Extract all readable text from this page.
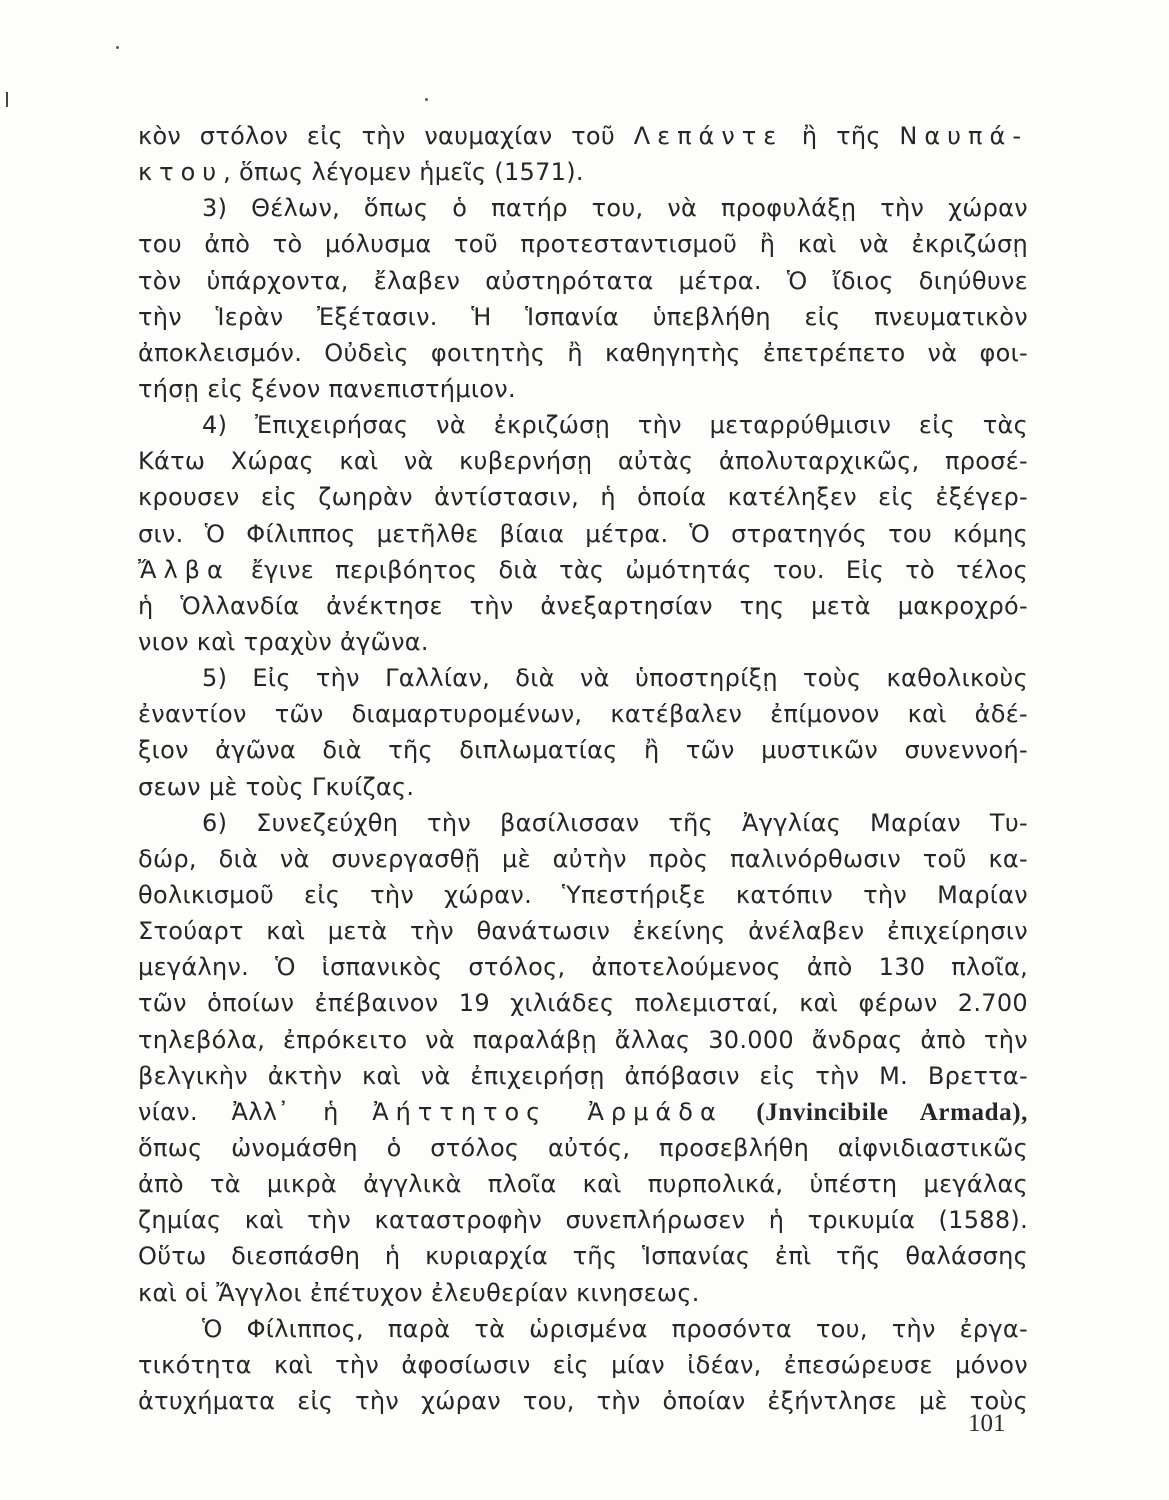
κὸν στόλον εἰς τὴν ναυμαχίαν τοῦ Λεπάντε ἢ τῆς Ναυπά-
κτου, ὅπως λέγομεν ἡμεῖς (1571).
3) Θέλων, ὅπως ὁ πατήρ του, νὰ προφυλάξῃ τὴν χώραν
του ἀπὸ τὸ μόλυσμα τοῦ προτεσταντισμοῦ ἢ καὶ νὰ ἐκριζώσῃ
τὸν ὑπάρχοντα, ἔλαβεν αὐστηρότατα μέτρα. Ὁ ἴδιος διηύθυνε
τὴν Ἱερὰν Ἐξέτασιν. Ἡ Ἱσπανία ὑπεβλήθη εἰς πνευματικὸν
ἀποκλεισμόν. Οὐδεὶς φοιτητὴς ἢ καθηγητὴς ἐπετρέπετο νὰ φοι-
τήσῃ εἰς ξένον πανεπιστήμιον.
4) Ἐπιχειρήσας νὰ ἐκριζώσῃ τὴν μεταρρύθμισιν εἰς τὰς
Κάτω Χώρας καὶ νὰ κυβερνήσῃ αὐτὰς ἀπολυταρχικῶς, προσέ-
κρουσεν εἰς ζωηρὰν ἀντίστασιν, ἡ ὁποία κατέληξεν εἰς ἐξέγερ-
σιν. Ὁ Φίλιππος μετῆλθε βίαια μέτρα. Ὁ στρατηγός του κόμης
Ἄλβα ἔγινε περιβόητος διὰ τὰς ὠμότητάς του. Εἰς τὸ τέλος
ἡ Ὁλλανδία ἀνέκτησε τὴν ἀνεξαρτησίαν της μετὰ μακροχρό-
νιον καὶ τραχὺν ἀγῶνα.
5) Εἰς τὴν Γαλλίαν, διὰ νὰ ὑποστηρίξῃ τοὺς καθολικοὺς
ἐναντίον τῶν διαμαρτυρομένων, κατέβαλεν ἐπίμονον καὶ ἀδέ-
ξιον ἀγῶνα διὰ τῆς διπλωματίας ἢ τῶν μυστικῶν συνεννοή-
σεων μὲ τοὺς Γκυίζας.
6) Συνεζεύχθη τὴν βασίλισσαν τῆς Ἀγγλίας Μαρίαν Τυ-
δώρ, διὰ νὰ συνεργασθῇ μὲ αὐτὴν πρὸς παλινόρθωσιν τοῦ κα-
θολικισμοῦ εἰς τὴν χώραν. Ὑπεστήριξε κατόπιν τὴν Μαρίαν
Στούαρτ καὶ μετὰ τὴν θανάτωσιν ἐκείνης ἀνέλαβεν ἐπιχείρησιν
μεγάλην. Ὁ ἱσπανικὸς στόλος, ἀποτελούμενος ἀπὸ 130 πλοῖα,
τῶν ὁποίων ἐπέβαινον 19 χιλιάδες πολεμισταί, καὶ φέρων 2.700
τηλεβόλα, ἐπρόκειτο νὰ παραλάβῃ ἄλλας 30.000 ἄνδρας ἀπὸ τὴν
βελγικὴν ἀκτὴν καὶ νὰ ἐπιχειρήσῃ ἀπόβασιν εἰς τὴν Μ. Βρεττα-
νίαν. Ἀλλ᾽ ἡ Ἀήττητος Ἀρμάδα (Jnvincibile Armada),
ὅπως ὠνομάσθη ὁ στόλος αὐτός, προσεβλήθη αἰφνιδιαστικῶς
ἀπὸ τὰ μικρὰ ἀγγλικὰ πλοῖα καὶ πυρπολικά, ὑπέστη μεγάλας
ζημίας καὶ τὴν καταστροφὴν συνεπλήρωσεν ἡ τρικυμία (1588).
Οὕτω διεσπάσθη ἡ κυριαρχία τῆς Ἱσπανίας ἐπὶ τῆς θαλάσσης
καὶ οἱ Ἄγγλοι ἐπέτυχον ἐλευθερίαν κινησεως.
Ὁ Φίλιππος, παρὰ τὰ ὡρισμένα προσόντα του, τὴν ἐργα-
τικότητα καὶ τὴν ἀφοσίωσιν εἰς μίαν ἰδέαν, ἐπεσώρευσε μόνον
ἀτυχήματα εἰς τὴν χώραν του, τὴν ὁποίαν ἐξήντλησε μὲ τοὺς
101
